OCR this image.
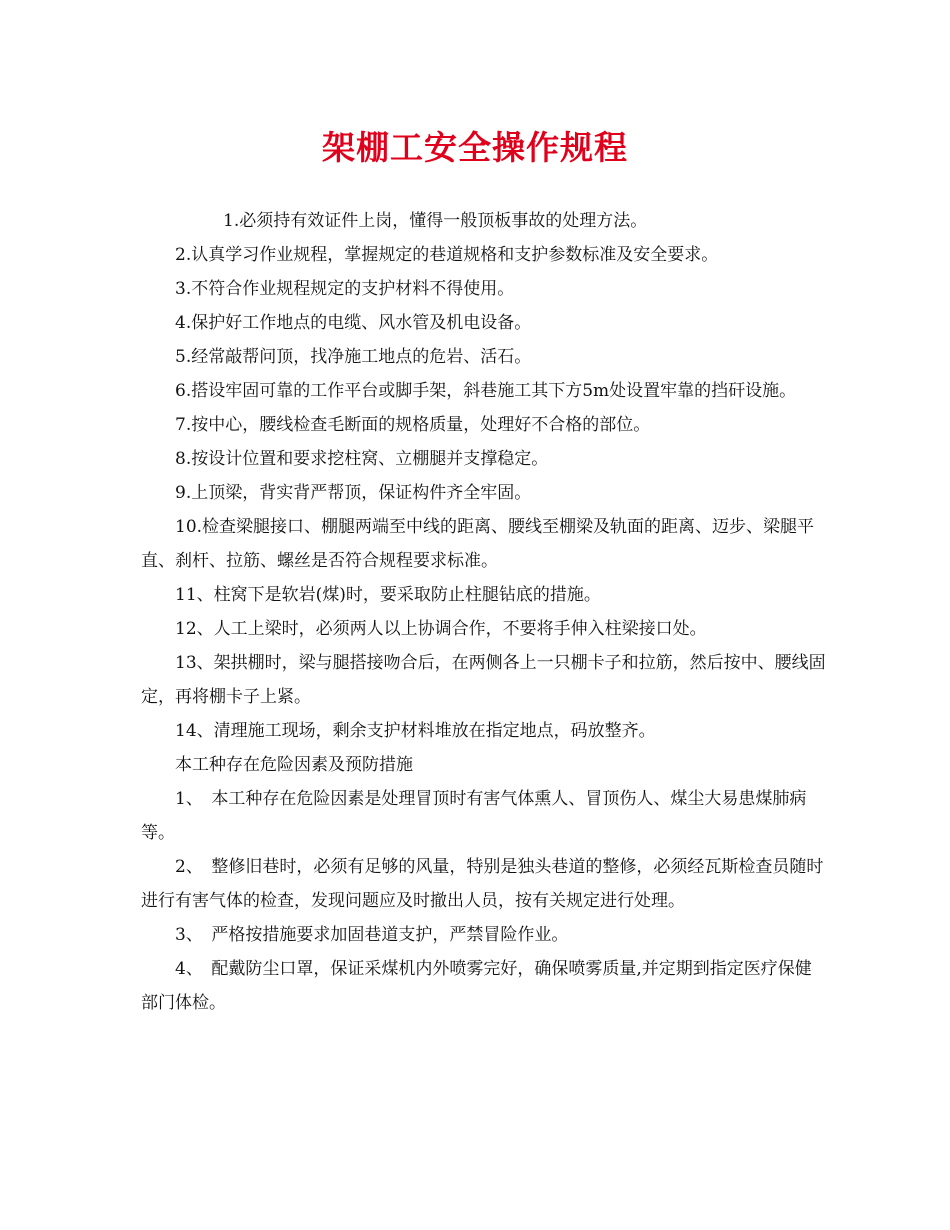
架棚工安全操作规程

1.必须持有效证件上岗，懂得一般顶板事故的处理方法。

2.认真学习作业规程，掌握规定的巷道规格和支护参数标准及安全要求。

3.不符合作业规程规定的支护材料不得使用。

4.保护好工作地点的电缆、风水管及机电设备。

5.经常敲帮问顶，找净施工地点的危岩、活石。

6.搭设牢固可靠的工作平台或脚手架，斜巷施工其下方5m处设置牢靠的挡矸设施。

7.按中心，腰线检查毛断面的规格质量，处理好不合格的部位。

8.按设计位置和要求挖柱窝、立棚腿并支撑稳定。

9.上顶梁，背实背严帮顶，保证构件齐全牢固。

10.检查梁腿接口、棚腿两端至中线的距离、腰线至棚梁及轨面的距离、迈步、梁腿平直、刹杆、拉筋、螺丝是否符合规程要求标准。

11、柱窝下是软岩(煤)时，要采取防止柱腿钻底的措施。

12、人工上梁时，必须两人以上协调合作，不要将手伸入柱梁接口处。

13、架拱棚时，梁与腿搭接吻合后，在两侧各上一只棚卡子和拉筋，然后按中、腰线固定，再将棚卡子上紧。

14、清理施工现场，剩余支护材料堆放在指定地点，码放整齐。

本工种存在危险因素及预防措施

1、　本工种存在危险因素是处理冒顶时有害气体熏人、冒顶伤人、煤尘大易患煤肺病等。

2、　整修旧巷时，必须有足够的风量，特别是独头巷道的整修，必须经瓦斯检查员随时进行有害气体的检查，发现问题应及时撤出人员，按有关规定进行处理。

3、　严格按措施要求加固巷道支护，严禁冒险作业。

4、　配戴防尘口罩，保证采煤机内外喷雾完好，确保喷雾质量,并定期到指定医疗保健部门体检。
